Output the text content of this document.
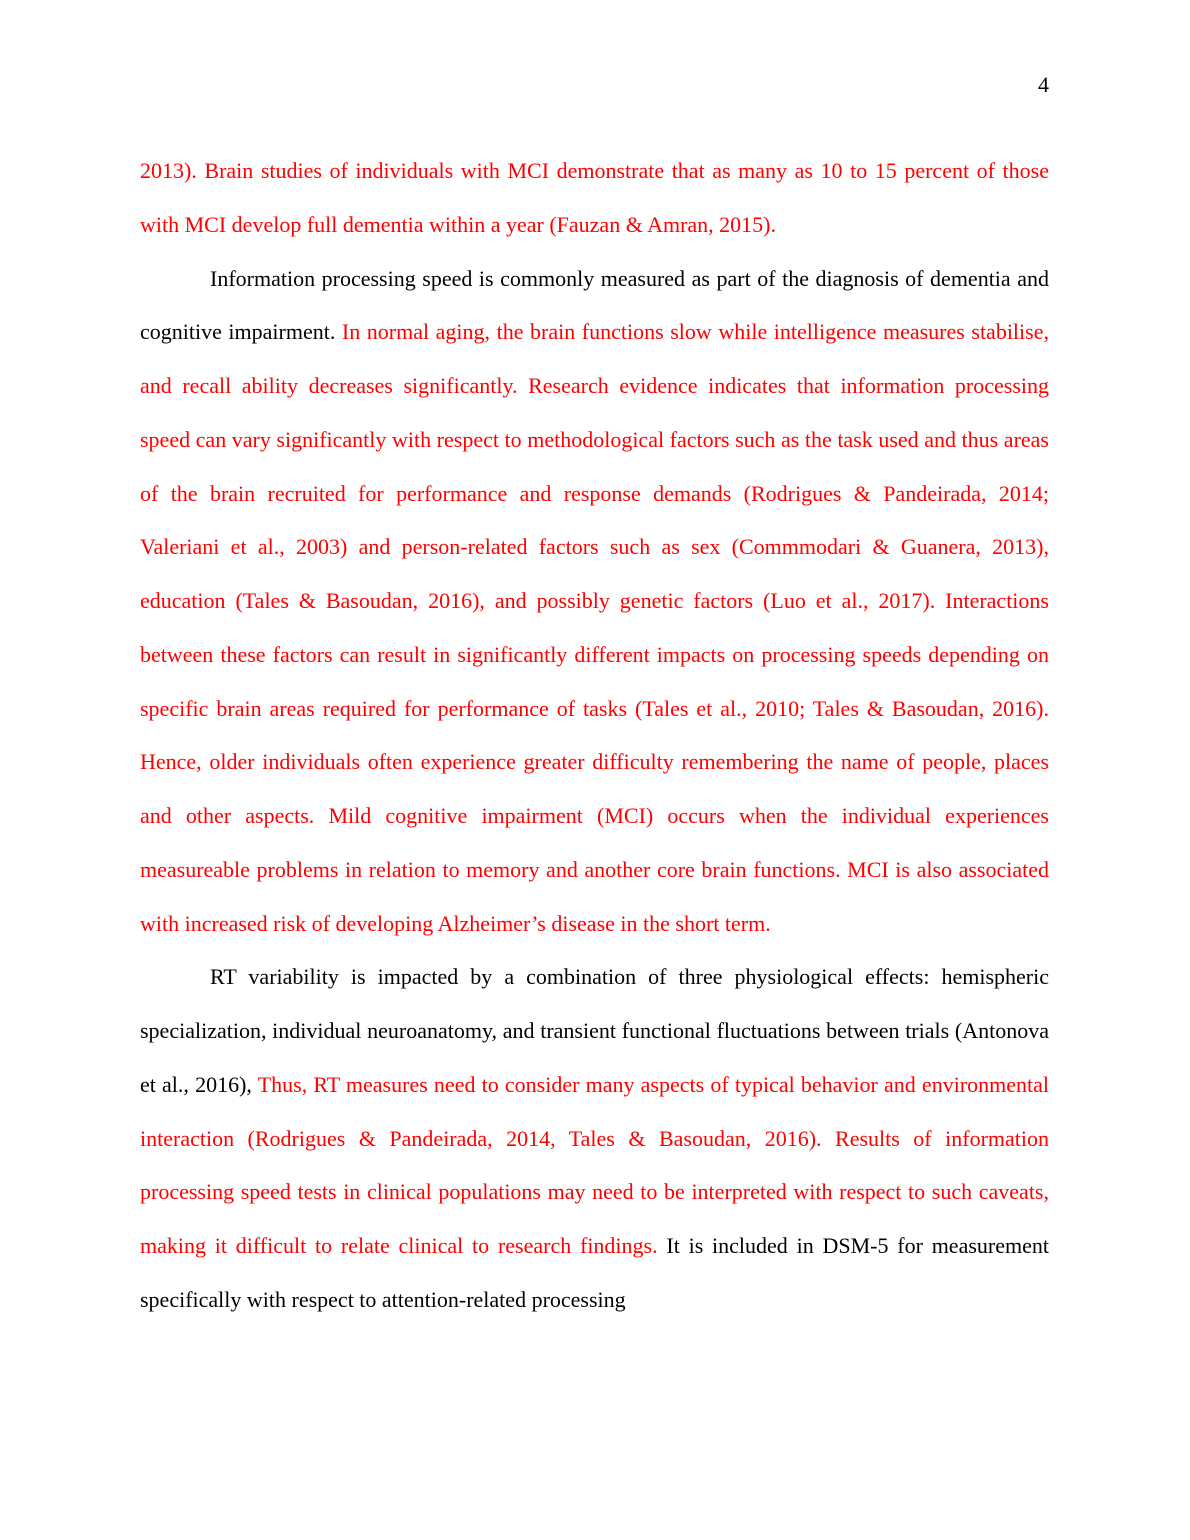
4

2013). Brain studies of individuals with MCI demonstrate that as many as 10 to 15 percent of those with MCI develop full dementia within a year (Fauzan & Amran, 2015).

Information processing speed is commonly measured as part of the diagnosis of dementia and cognitive impairment. In normal aging, the brain functions slow while intelligence measures stabilise, and recall ability decreases significantly. Research evidence indicates that information processing speed can vary significantly with respect to methodological factors such as the task used and thus areas of the brain recruited for performance and response demands (Rodrigues & Pandeirada, 2014; Valeriani et al., 2003) and person-related factors such as sex (Commmodari & Guanera, 2013), education (Tales & Basoudan, 2016), and possibly genetic factors (Luo et al., 2017). Interactions between these factors can result in significantly different impacts on processing speeds depending on specific brain areas required for performance of tasks (Tales et al., 2010; Tales & Basoudan, 2016). Hence, older individuals often experience greater difficulty remembering the name of people, places and other aspects. Mild cognitive impairment (MCI) occurs when the individual experiences measureable problems in relation to memory and another core brain functions. MCI is also associated with increased risk of developing Alzheimer’s disease in the short term.

RT variability is impacted by a combination of three physiological effects: hemispheric specialization, individual neuroanatomy, and transient functional fluctuations between trials (Antonova et al., 2016), Thus, RT measures need to consider many aspects of typical behavior and environmental interaction (Rodrigues & Pandeirada, 2014, Tales & Basoudan, 2016). Results of information processing speed tests in clinical populations may need to be interpreted with respect to such caveats, making it difficult to relate clinical to research findings. It is included in DSM-5 for measurement specifically with respect to attention-related processing
